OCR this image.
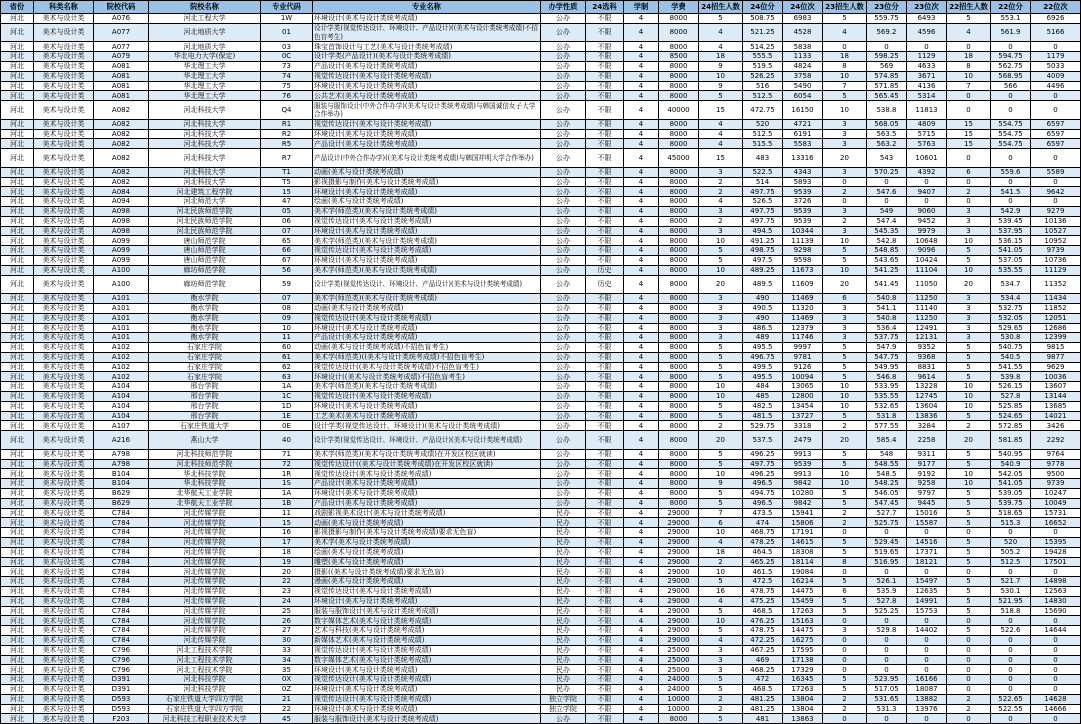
省份	科类名称	院校代码	院校名称	专业代码	专业名称	办学性质	24选科	学制	学费	24招生人数	24位分	24位次	23招生人数	23位分	23位次	22招生人数	22位分	22位次
河北	美术与设计类	A076	河北工程大学	1W	环境设计(美术与设计类统考成绩)	公办	不限	4	8000	5	508.75	6983	5	559.75	6493	5	553.1	6926
河北	美术与设计类	A077	河北地质大学	01	设计学类(视觉传达设计、环境设计、产品设计)((美术与设计类统考成绩)不招色盲考生)	公办	不限	4	8000	4	521.25	4528	4	569.2	4596	4	561.9	5166
河北	美术与设计类	A077	河北地质大学	03	珠宝首饰设计与工艺(美术与设计类统考成绩)	公办	不限	4	8000	4	514.25	5838	0	0	0	0	0	0
河北	美术与设计类	A079	华北电力大学(保定)	0C	设计学类(产品设计)(美术与设计类统考成绩)	公办	不限	4	8500	18	555.5	1133	18	598.25	1129	18	594.75	1179
河北	美术与设计类	A081	华北理工大学	73	产品设计(美术与设计类统考成绩)	公办	不限	4	8000	9	519.5	4824	8	569	4633	8	562.75	5033
河北	美术与设计类	A081	华北理工大学	74	视觉传达设计(美术与设计类统考成绩)	公办	不限	4	8000	10	526.25	3758	10	574.85	3671	10	568.95	4009
河北	美术与设计类	A081	华北理工大学	75	环境设计(美术与设计类统考成绩)	公办	不限	4	8000	9	516	5490	7	571.85	4136	7	566	4496
河北	美术与设计类	A081	华北理工大学	76	公共艺术(美术与设计类统考成绩)	公办	不限	4	8000	5	512.5	6054	5	565.45	5314	0	0	0
河北	美术与设计类	A082	河北科技大学	Q4	服装与服饰设计(中外合作办学)(美术与设计类统考成绩)与韩国诚信女子大学合作举办)	公办	不限	4	40000	15	472.75	16150	10	538.8	11813	0	0	0
河北	美术与设计类	A082	河北科技大学	R1	视觉传达设计(美术与设计类统考成绩)	公办	不限	4	8000	4	520	4721	3	568.05	4809	15	554.75	6597
河北	美术与设计类	A082	河北科技大学	R2	环境设计(美术与设计类统考成绩)	公办	不限	4	8000	4	512.5	6191	3	563.5	5715	15	554.75	6597
河北	美术与设计类	A082	河北科技大学	R5	产品设计(美术与设计类统考成绩)	公办	不限	4	8000	4	515.5	5583	3	563.2	5763	15	554.75	6597
河北	美术与设计类	A082	河北科技大学	R7	产品设计(中外合作办学)((美术与设计类统考成绩)与韩国祥明大学合作举办)	公办	不限	4	45000	15	483	13316	20	543	10601	0	0	0
河北	美术与设计类	A082	河北科技大学	T1	动画(美术与设计类统考成绩)	公办	不限	4	8000	3	522.5	4343	3	570.25	4392	6	559.6	5589
河北	美术与设计类	A082	河北科技大学	T5	影视摄影与制作(美术与设计类统考成绩)	公办	不限	4	8000	2	514	5893	0	0	0	0	0	0
河北	美术与设计类	A084	河北建筑工程学院	15	环境设计(美术与设计类统考成绩)	公办	不限	4	8000	2	497.75	9539	2	547.6	9407	2	541.5	9642
河北	美术与设计类	A094	河北师范大学	47	绘画(美术与设计类统考成绩)	公办	不限	4	8000	4	526.5	3726	0	0	0	0	0	0
河北	美术与设计类	A098	河北民族师范学院	05	美术学(师范类)(美术与设计类统考成绩)	公办	不限	4	8000	3	497.75	9539	3	549	9060	3	542.9	9279
河北	美术与设计类	A098	河北民族师范学院	06	视觉传达设计(美术与设计类统考成绩)	公办	不限	4	8000	2	497.75	9539	2	547.4	9452	3	539.45	10136
河北	美术与设计类	A098	河北民族师范学院	07	环境设计(美术与设计类统考成绩)	公办	不限	4	8000	3	494.5	10344	3	545.35	9979	3	537.95	10527
河北	美术与设计类	A099	唐山师范学院	65	美术学(师范类)(美术与设计类统考成绩)	公办	不限	4	8000	10	491.25	11139	10	542.8	10648	10	536.15	10952
河北	美术与设计类	A099	唐山师范学院	66	视觉传达设计(美术与设计类统考成绩)	公办	不限	4	8000	5	498.75	9298	5	548.85	9096	5	541.05	9739
河北	美术与设计类	A099	唐山师范学院	67	环境设计(美术与设计类统考成绩)	公办	不限	4	8000	5	497.5	9598	5	543.65	10424	5	537.05	10736
河北	美术与设计类	A100	廊坊师范学院	56	美术学(师范类)(美术与设计类统考成绩)	公办	历史	4	8000	10	489.25	11673	10	541.25	11104	10	535.55	11129
河北	美术与设计类	A100	廊坊师范学院	59	设计学类(视觉传达设计、环境设计、产品设计)(美术与设计类统考成绩)	公办	历史	4	8000	20	489.5	11609	20	541.45	11050	20	534.7	11352
河北	美术与设计类	A101	衡水学院	07	美术学(师范类)(美术与设计类统考成绩)	公办	不限	4	8000	3	490	11469	6	540.8	11250	3	534.4	11434
河北	美术与设计类	A101	衡水学院	08	动画(美术与设计类统考成绩)	公办	不限	4	8000	3	490.5	11320	3	541.1	11140	3	532.75	11852
河北	美术与设计类	A101	衡水学院	09	视觉传达设计(美术与设计类统考成绩)	公办	不限	4	8000	3	490	11469	3	540.8	11250	3	532.05	12051
河北	美术与设计类	A101	衡水学院	10	环境设计(美术与设计类统考成绩)	公办	不限	4	8000	3	486.5	12379	3	536.4	12491	3	529.65	12686
河北	美术与设计类	A101	衡水学院	11	产品设计(美术与设计类统考成绩)	公办	不限	4	8000	3	489	11746	3	537.75	12131	3	530.8	12399
河北	美术与设计类	A102	石家庄学院	60	动画(美术与设计类统考成绩)不招色盲考生)	公办	不限	4	8000	5	495.5	9997	5	547.9	9352	5	540.75	9815
河北	美术与设计类	A102	石家庄学院	61	美术学(师范类)((美术与设计类统考成绩)不招色盲考生)	公办	不限	4	8000	5	496.75	9781	5	547.75	9368	5	540.5	9877
河北	美术与设计类	A102	石家庄学院	62	视觉传达设计((美术与设计类统考成绩)不招色盲考生)	公办	不限	4	8000	5	499.5	9126	5	549.95	8831	5	541.55	9629
河北	美术与设计类	A102	石家庄学院	63	环境设计((美术与设计类统考成绩)不招色盲考生)	公办	不限	4	8000	5	495.5	10094	5	546.8	9614	5	539.8	10036
河北	美术与设计类	A104	邢台学院	1A	美术学(师范类)(美术与设计类统考成绩)	公办	不限	4	8000	10	484	13065	10	533.95	13228	10	526.15	13607
河北	美术与设计类	A104	邢台学院	1C	视觉传达设计(美术与设计类统考成绩)	公办	不限	4	8000	10	485	12800	10	535.55	12745	10	527.8	13144
河北	美术与设计类	A104	邢台学院	1D	环境设计(美术与设计类统考成绩)	公办	不限	4	8000	5	482.5	13454	10	532.65	13604	10	525.85	13685
河北	美术与设计类	A104	邢台学院	1E	工艺美术(美术与设计类统考成绩)	公办	不限	4	8000	5	481.5	13727	5	531.8	13836	5	524.65	14021
河北	美术与设计类	A107	石家庄铁道大学	0E	设计学类(视觉传达设计、环境设计)(美术与设计类统考成绩)	公办	不限	4	8000	2	529.75	3318	2	577.55	3284	2	572.85	3426
河北	美术与设计类	A216	燕山大学	40	设计学类(视觉传达设计、环境设计、产品设计)(美术与设计类统考成绩)	公办	不限	4	8000	20	537.5	2479	20	585.4	2258	20	581.85	2292
河北	美术与设计类	A798	河北科技师范学院	71	美术学(师范类)(美术与设计类统考成绩)在开发区校区就读)	公办	不限	4	8000	5	496.25	9913	5	548	9311	5	540.95	9764
河北	美术与设计类	A798	河北科技师范学院	72	视觉传达设计((美术与设计类统考成绩)在开发区校区就读)	公办	不限	4	8000	5	497.75	9539	5	548.55	9177	5	540.9	9778
河北	美术与设计类	B104	华北科技学院	1R	视觉传达设计(美术与设计类统考成绩)	公办	不限	4	8000	10	496.25	9913	10	548.5	9192	10	542.05	9500
河北	美术与设计类	B104	华北科技学院	1S	产品设计(美术与设计类统考成绩)	公办	不限	4	8000	9	496.5	9842	10	548.25	9258	10	541.05	9739
河北	美术与设计类	B629	北华航天工业学院	1A	环境设计(美术与设计类统考成绩)	公办	不限	4	8000	5	494.75	10280	5	546.05	9797	5	539.05	10247
河北	美术与设计类	B629	北华航天工业学院	1B	产品设计(美术与设计类统考成绩)	公办	不限	4	8000	5	496.5	9842	5	547.45	9445	5	539.75	10049
河北	美术与设计类	C784	河北传媒学院	11	戏剧影视美术设计(美术与设计类统考成绩)	民办	不限	4	29000	7	473.5	15941	2	527.7	15016	5	518.65	15731
河北	美术与设计类	C784	河北传媒学院	15	动画(美术与设计类统考成绩)	民办	不限	4	29000	6	474	15806	2	525.75	15587	5	515.3	16652
河北	美术与设计类	C784	河北传媒学院	16	影视摄影与制作(美术与设计类统考成绩)要求无色盲)	民办	不限	4	29000	10	468.75	17191	0	0	0	0	0	0
河北	美术与设计类	C784	河北传媒学院	17	美术学(美术与设计类统考成绩)	民办	不限	4	29000	4	478.25	14615	5	529.45	14516	5	520	15395
河北	美术与设计类	C784	河北传媒学院	18	绘画(美术与设计类统考成绩)	民办	不限	4	29000	18	464.5	18308	5	519.65	17371	5	505.2	19428
河北	美术与设计类	C784	河北传媒学院	19	雕塑(美术与设计类统考成绩)	民办	不限	4	29000	2	465.25	18114	8	516.95	18121	5	512.5	17501
河北	美术与设计类	C784	河北传媒学院	20	摄影((美术与设计类统考成绩)要求无色盲)	民办	不限	4	29000	10	461.5	19084	0	0	0	0	0	0
河北	美术与设计类	C784	河北传媒学院	22	漫画(美术与设计类统考成绩)	民办	不限	4	29000	5	472.5	16214	5	526.1	15497	5	521.7	14898
河北	美术与设计类	C784	河北传媒学院	23	视觉传达设计(美术与设计类统考成绩)	民办	不限	4	29000	16	478.75	14475	6	535.9	12635	5	530.1	12563
河北	美术与设计类	C784	河北传媒学院	24	环境设计(美术与设计类统考成绩)	民办	不限	4	29000	4	475.25	15459	5	527.8	14991	5	521.95	14830
河北	美术与设计类	C784	河北传媒学院	25	服装与服饰设计(美术与设计类统考成绩)	民办	不限	4	29000	5	468.5	17263	5	525.25	15753	5	518.8	15690
河北	美术与设计类	C784	河北传媒学院	26	数字媒体艺术(美术与设计类统考成绩)	民办	不限	4	29000	10	476.25	15163	0	0	0	0	0	0
河北	美术与设计类	C784	河北传媒学院	27	艺术与科技(美术与设计类统考成绩)	民办	不限	4	29000	5	478.75	14475	3	529.8	14402	5	522.6	14644
河北	美术与设计类	C784	河北传媒学院	30	新媒体艺术(美术与设计类统考成绩)	民办	不限	4	29000	4	472.25	16275	0	0	0	0	0	0
河北	美术与设计类	C796	河北工程技术学院	33	视觉传达设计(美术与设计类统考成绩)	民办	不限	4	25000	3	467.25	17595	0	0	0	0	0	0
河北	美术与设计类	C796	河北工程技术学院	34	数字媒体艺术(美术与设计类统考成绩)	民办	不限	4	25000	3	469	17138	0	0	0	0	0	0
河北	美术与设计类	C796	河北工程技术学院	35	环境设计(美术与设计类统考成绩)	民办	不限	4	25000	3	468.25	17329	0	0	0	0	0	0
河北	美术与设计类	D391	河北科技学院	0X	视觉传达设计(美术与设计类统考成绩)	民办	不限	4	24000	5	472	16345	5	523.95	16166	0	0	0
河北	美术与设计类	D391	河北科技学院	0Z	环境设计(美术与设计类统考成绩)	民办	不限	4	24000	5	468.5	17263	5	517.05	18087	0	0	0
河北	美术与设计类	D593	石家庄铁道大学四方学院	21	视觉传达设计(美术与设计类统考成绩)	独立学院	不限	4	10000	2	481.25	13804	2	531.65	13882	2	522.65	14628
河北	美术与设计类	D593	石家庄铁道大学四方学院	22	环境设计(美术与设计类统考成绩)	独立学院	不限	4	10000	2	481.25	13804	2	531.3	13976	2	522.55	14666
河北	美术与设计类	F203	河北科技工程职业技术大学	45	服装与服饰设计(美术与设计类统考成绩)	公办	不限	4	8000	5	481	13863	0	0	0	0	0	0
